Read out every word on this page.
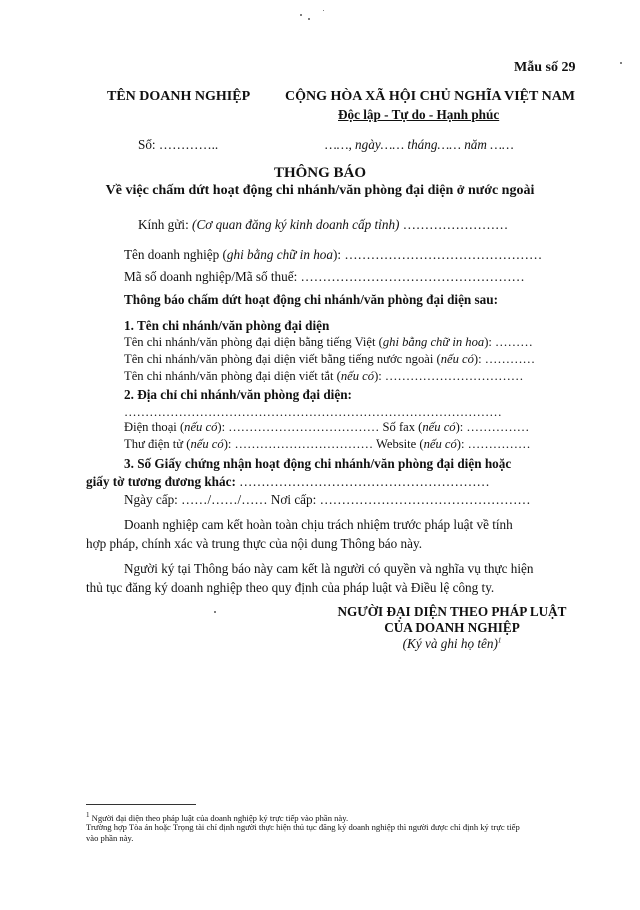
Mẫu số 29
TÊN DOANH NGHIỆP CỘNG HÒA XÃ HỘI CHỦ NGHĨA VIỆT NAM
Độc lập - Tự do - Hạnh phúc
Số: …………..	……, ngày…… tháng…… năm ……
THÔNG BÁO
Về việc chấm dứt hoạt động chi nhánh/văn phòng đại diện ở nước ngoài
Kính gửi: (Cơ quan đăng ký kinh doanh cấp tỉnh) ……………………
Tên doanh nghiệp (ghi bằng chữ in hoa): ………………………………………
Mã số doanh nghiệp/Mã số thuế: ……………………………………………
Thông báo chấm dứt hoạt động chi nhánh/văn phòng đại diện sau:
1. Tên chi nhánh/văn phòng đại diện
Tên chi nhánh/văn phòng đại diện bằng tiếng Việt (ghi bằng chữ in hoa): ………
Tên chi nhánh/văn phòng đại diện viết bằng tiếng nước ngoài (nếu có): …………
Tên chi nhánh/văn phòng đại diện viết tắt (nếu có): ……………………………
2. Địa chỉ chi nhánh/văn phòng đại diện:
………………………………………………………………………………
Điện thoại (nếu có): ……………………………… Số fax (nếu có): ……………
Thư điện tử (nếu có): …………………………… Website (nếu có): ……………
3. Số Giấy chứng nhận hoạt động chi nhánh/văn phòng đại diện hoặc
giấy tờ tương đương khác: …………………………………………………
Ngày cấp: ……/……/…… Nơi cấp: …………………………………………
Doanh nghiệp cam kết hoàn toàn chịu trách nhiệm trước pháp luật về tính
hợp pháp, chính xác và trung thực của nội dung Thông báo này.
Người ký tại Thông báo này cam kết là người có quyền và nghĩa vụ thực hiện
thủ tục đăng ký doanh nghiệp theo quy định của pháp luật và Điều lệ công ty.
NGƯỜI ĐẠI DIỆN THEO PHÁP LUẬT
CỦA DOANH NGHIỆP
(Ký và ghi họ tên)$^1$
$^1$ Người đại diện theo pháp luật của doanh nghiệp ký trực tiếp vào phần này.
Trường hợp Tòa án hoặc Trọng tài chỉ định người thực hiện thủ tục đăng ký doanh nghiệp thì người được chỉ định ký trực tiếp
vào phần này.
